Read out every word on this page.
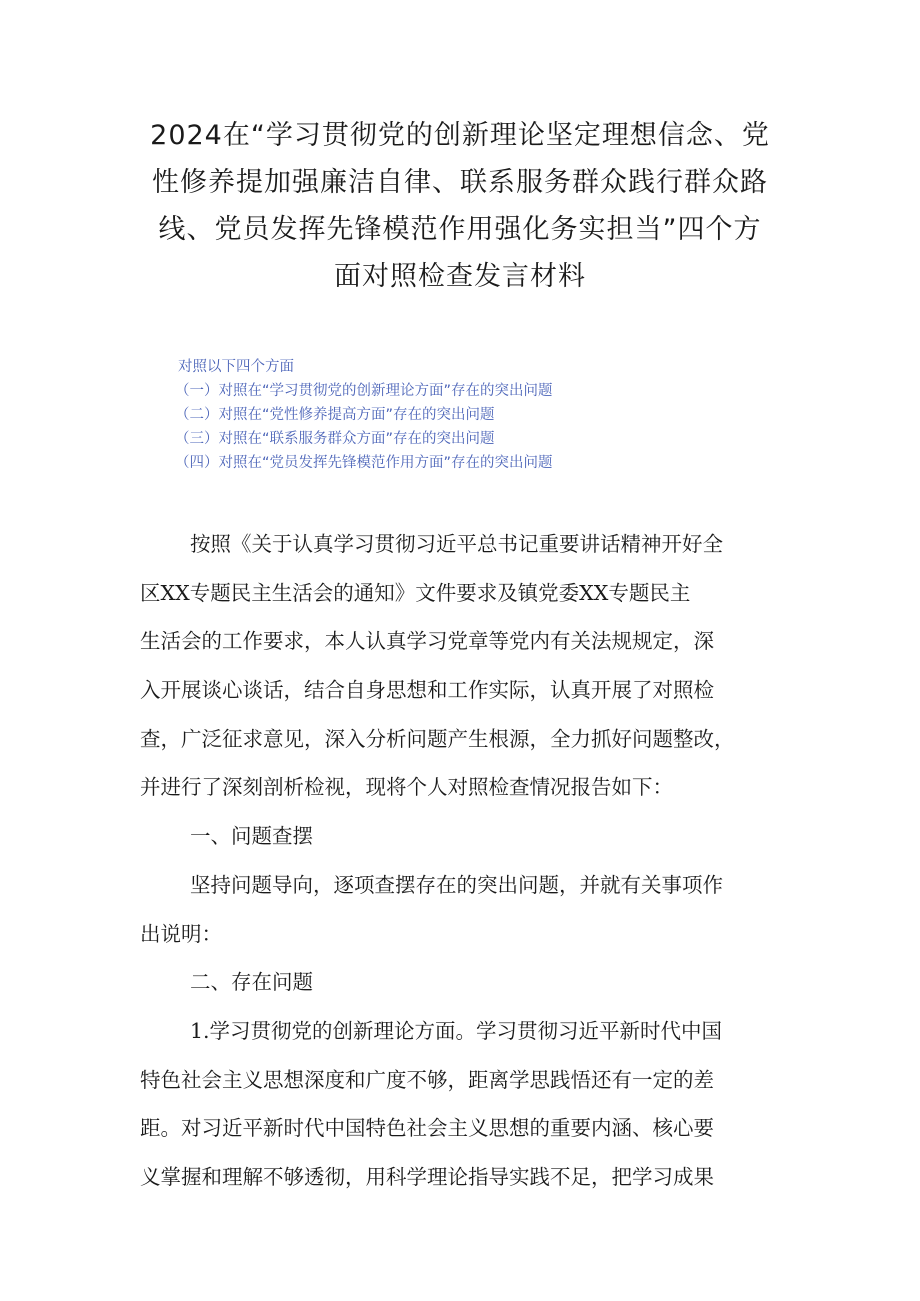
2024在“学习贯彻党的创新理论坚定理想信念、党
性修养提加强廉洁自律、联系服务群众践行群众路
线、党员发挥先锋模范作用强化务实担当”四个方
面对照检查发言材料
对照以下四个方面
（一）对照在“学习贯彻党的创新理论方面”存在的突出问题
（二）对照在“党性修养提高方面”存在的突出问题
（三）对照在“联系服务群众方面”存在的突出问题
（四）对照在“党员发挥先锋模范作用方面”存在的突出问题
按照《关于认真学习贯彻习近平总书记重要讲话精神开好全
区XX专题民主生活会的通知》文件要求及镇党委XX专题民主
生活会的工作要求，本人认真学习党章等党内有关法规规定，深
入开展谈心谈话，结合自身思想和工作实际，认真开展了对照检
查，广泛征求意见，深入分析问题产生根源，全力抓好问题整改，
并进行了深刻剖析检视，现将个人对照检查情况报告如下：
一、问题查摆
坚持问题导向，逐项查摆存在的突出问题，并就有关事项作
出说明：
二、存在问题
1.学习贯彻党的创新理论方面。学习贯彻习近平新时代中国
特色社会主义思想深度和广度不够，距离学思践悟还有一定的差
距。对习近平新时代中国特色社会主义思想的重要内涵、核心要
义掌握和理解不够透彻，用科学理论指导实践不足，把学习成果
